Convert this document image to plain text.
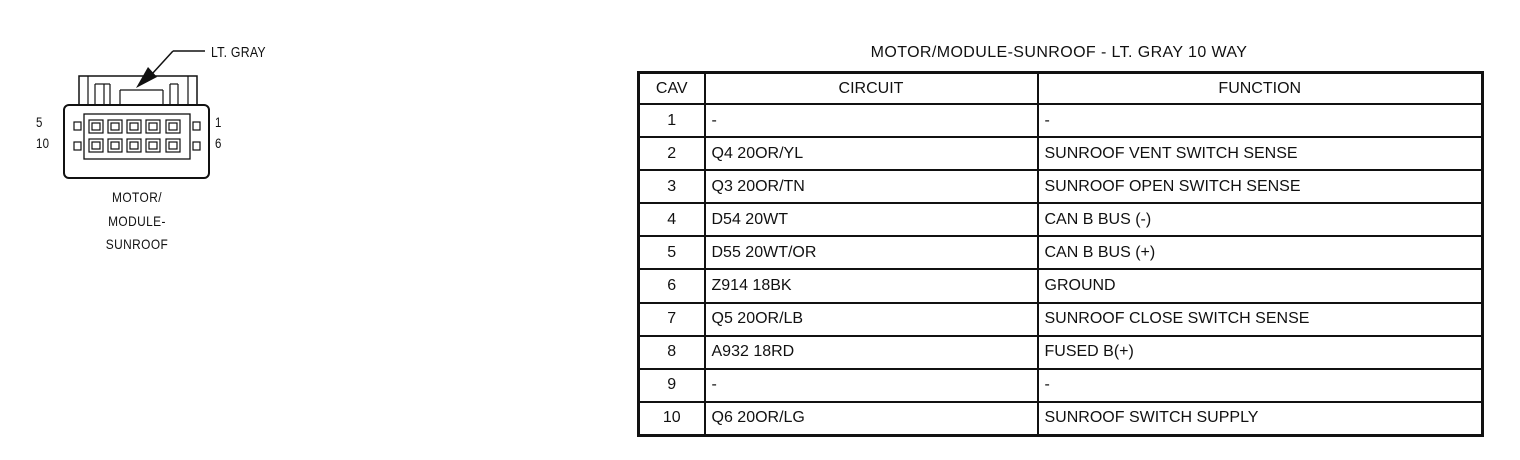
LT. GRAY
5
10
1
6
MOTOR/
MODULE-
SUNROOF
MOTOR/MODULE-SUNROOF - LT. GRAY 10 WAY
CAV	CIRCUIT	FUNCTION
1	-	-
2	Q4 20OR/YL	SUNROOF VENT SWITCH SENSE
3	Q3 20OR/TN	SUNROOF OPEN SWITCH SENSE
4	D54 20WT	CAN B BUS (-)
5	D55 20WT/OR	CAN B BUS (+)
6	Z914 18BK	GROUND
7	Q5 20OR/LB	SUNROOF CLOSE SWITCH SENSE
8	A932 18RD	FUSED B(+)
9	-	-
10	Q6 20OR/LG	SUNROOF SWITCH SUPPLY
